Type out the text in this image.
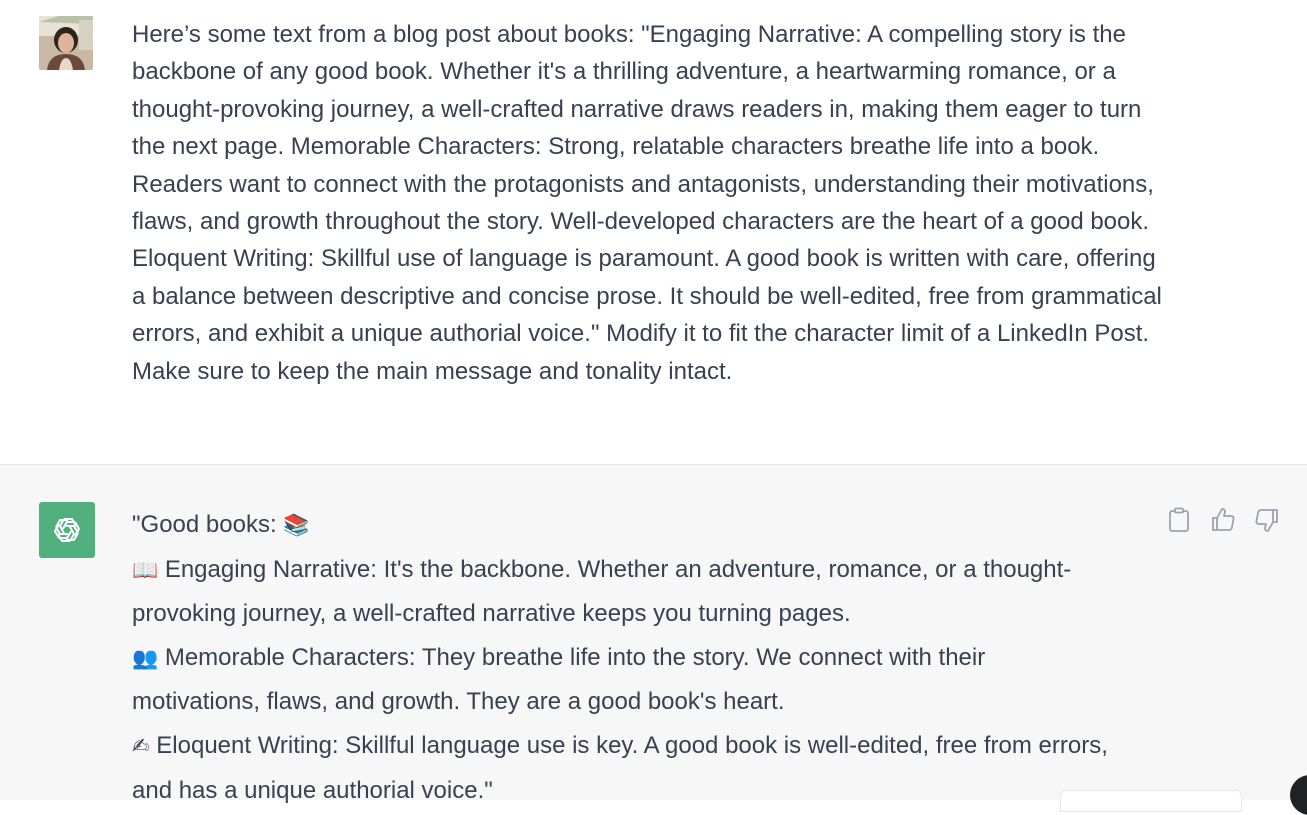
Here’s some text from a blog post about books: "Engaging Narrative: A compelling story is the backbone of any good book. Whether it's a thrilling adventure, a heartwarming romance, or a thought-provoking journey, a well-crafted narrative draws readers in, making them eager to turn the next page. Memorable Characters: Strong, relatable characters breathe life into a book. Readers want to connect with the protagonists and antagonists, understanding their motivations, flaws, and growth throughout the story. Well-developed characters are the heart of a good book. Eloquent Writing: Skillful use of language is paramount. A good book is written with care, offering a balance between descriptive and concise prose. It should be well-edited, free from grammatical errors, and exhibit a unique authorial voice." Modify it to fit the character limit of a LinkedIn Post. Make sure to keep the main message and tonality intact.

"Good books: 📚
📖 Engaging Narrative: It's the backbone. Whether an adventure, romance, or a thought-
provoking journey, a well-crafted narrative keeps you turning pages.
👥 Memorable Characters: They breathe life into the story. We connect with their
motivations, flaws, and growth. They are a good book's heart.
✍ Eloquent Writing: Skillful language use is key. A good book is well-edited, free from errors,
and has a unique authorial voice."
